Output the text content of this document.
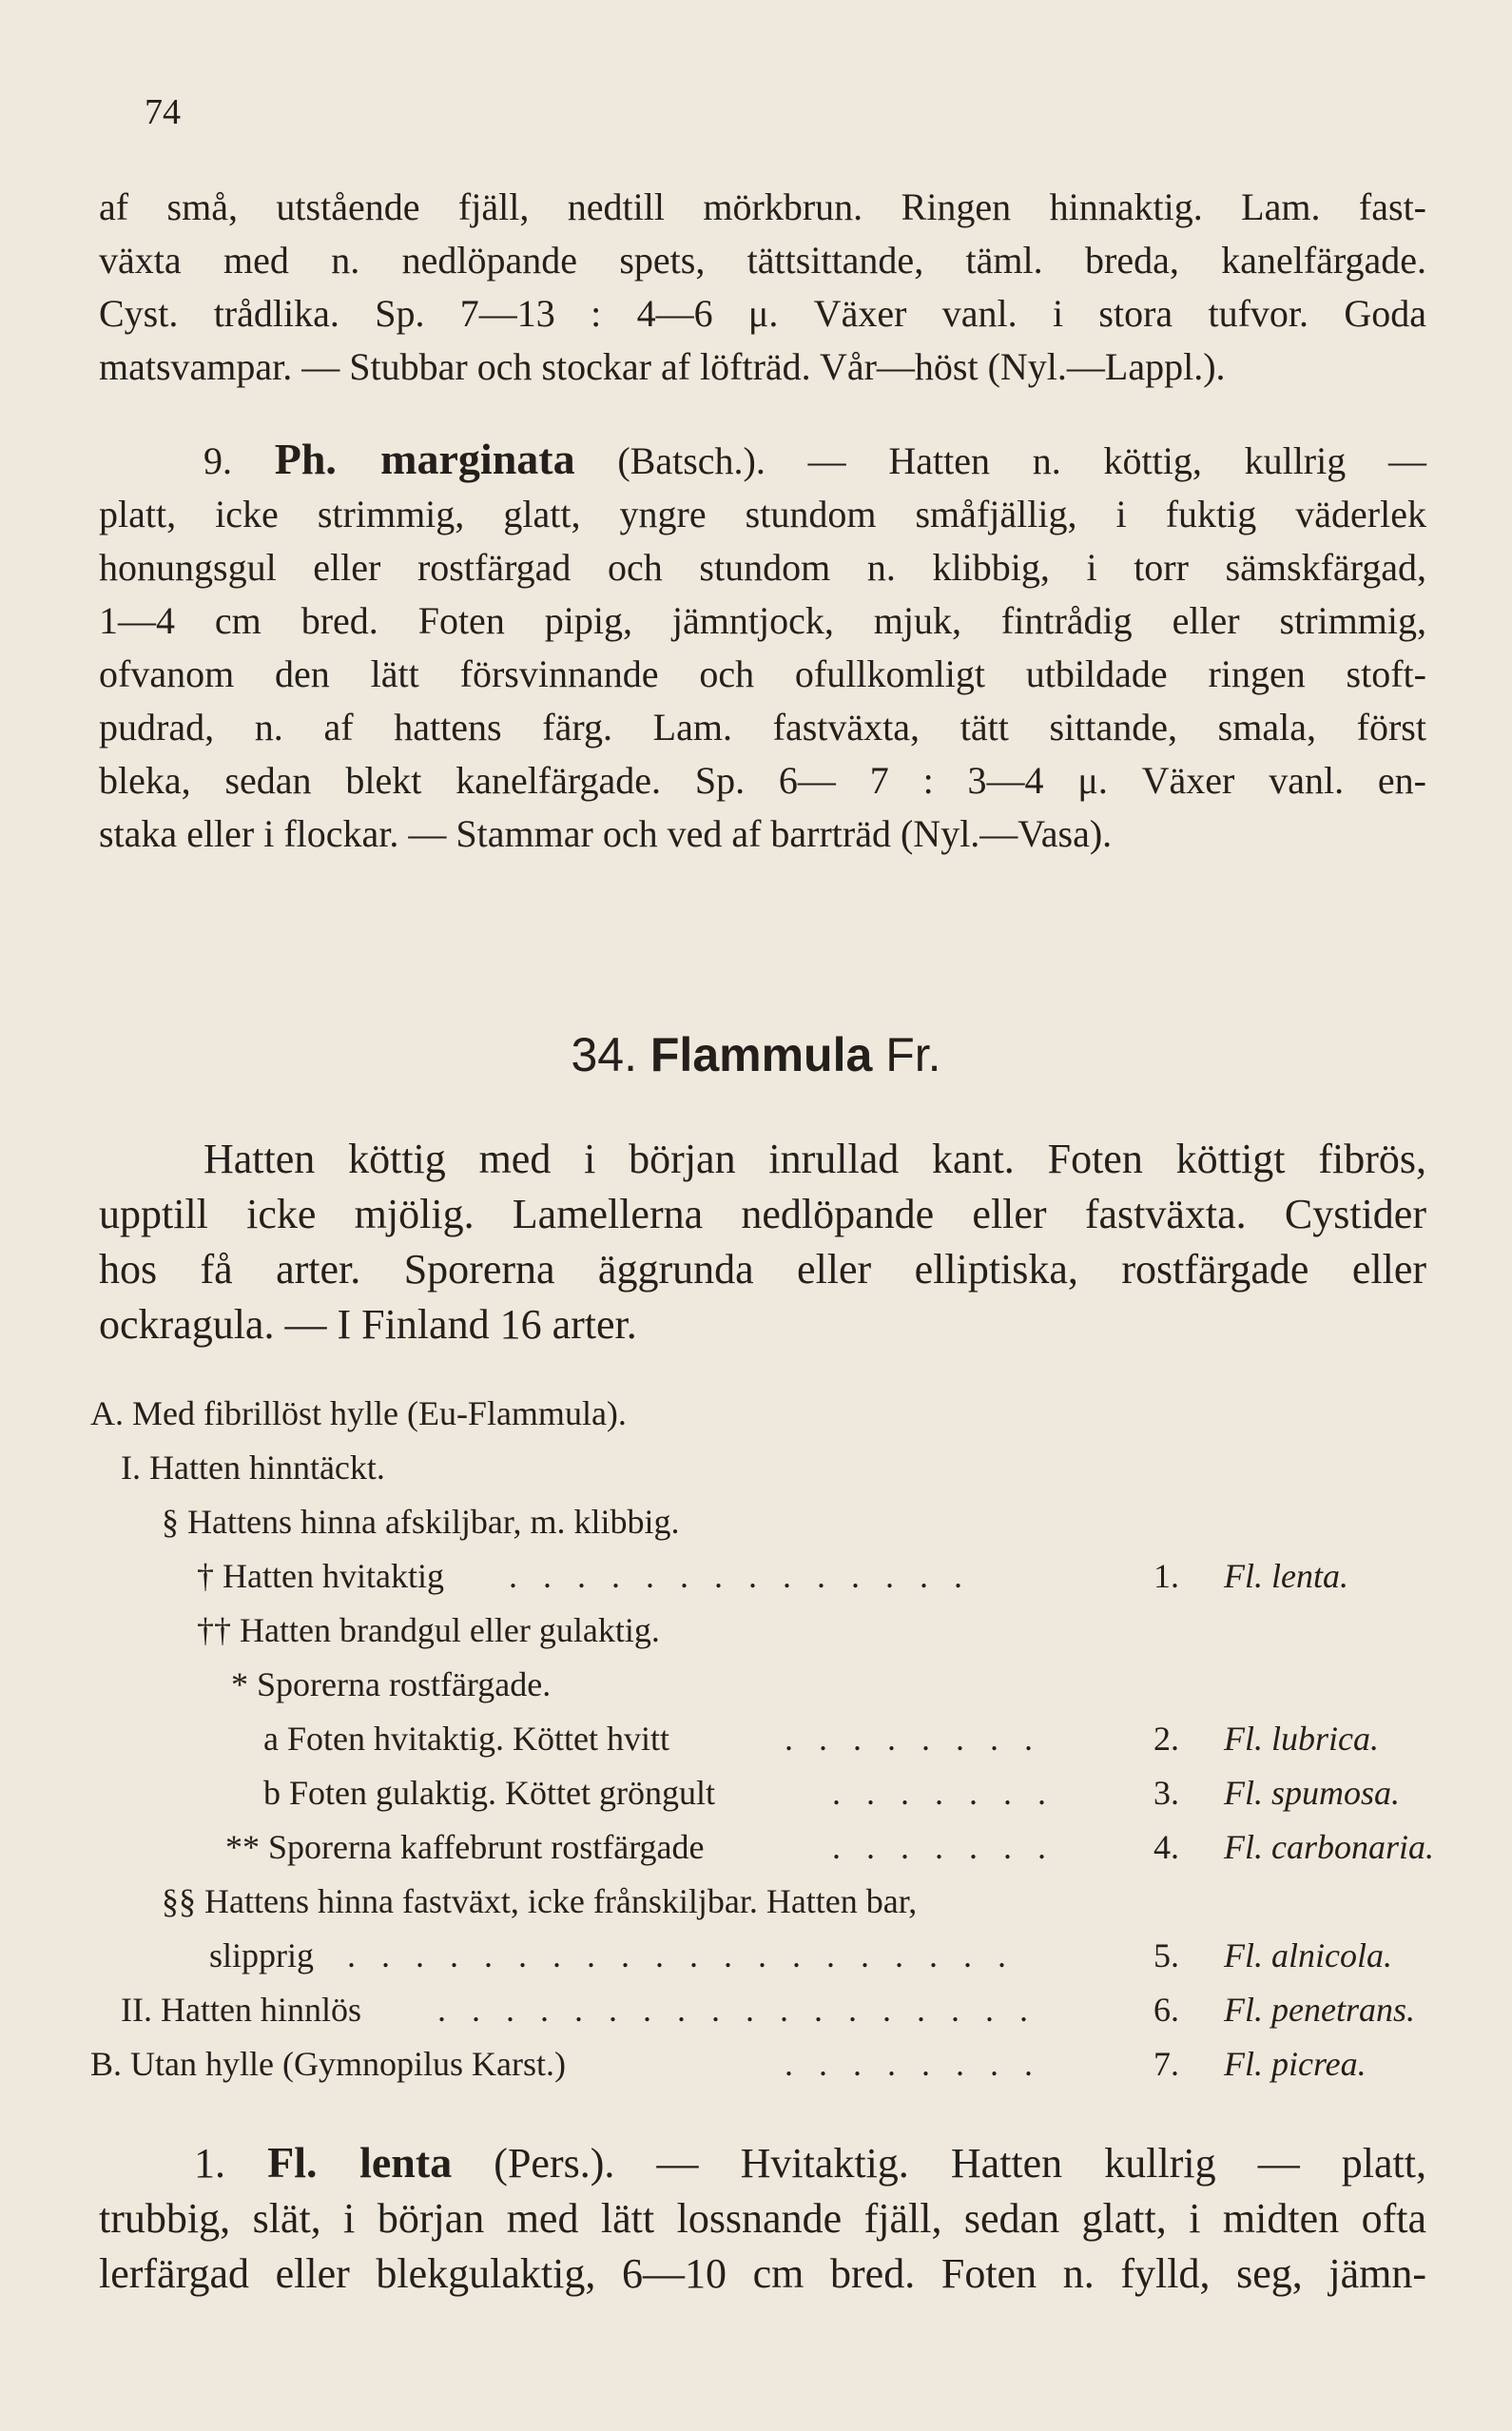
74
af små, utstående fjäll, nedtill mörkbrun. Ringen hinnaktig. Lam. fast-
växta med n. nedlöpande spets, tättsittande, täml. breda, kanelfärgade.
Cyst. trådlika. Sp. 7—13 : 4—6 μ. Växer vanl. i stora tufvor. Goda
matsvampar. — Stubbar och stockar af löfträd. Vår—höst (Nyl.—Lappl.).
9. Ph. marginata (Batsch.). — Hatten n. köttig, kullrig —
platt, icke strimmig, glatt, yngre stundom småfjällig, i fuktig väderlek
honungsgul eller rostfärgad och stundom n. klibbig, i torr sämskfärgad,
1—4 cm bred. Foten pipig, jämntjock, mjuk, fintrådig eller strimmig,
ofvanom den lätt försvinnande och ofullkomligt utbildade ringen stoft-
pudrad, n. af hattens färg. Lam. fastväxta, tätt sittande, smala, först
bleka, sedan blekt kanelfärgade. Sp. 6— 7 : 3—4 μ. Växer vanl. en-
staka eller i flockar. — Stammar och ved af barrträd (Nyl.—Vasa).
34. Flammula Fr.
Hatten köttig med i början inrullad kant. Foten köttigt fibrös,
upptill icke mjölig. Lamellerna nedlöpande eller fastväxta. Cystider
hos få arter. Sporerna äggrunda eller elliptiska, rostfärgade eller
ockragula. — I Finland 16 arter.
A. Med fibrillöst hylle (Eu-Flammula).
I. Hatten hinntäckt.
§ Hattens hinna afskiljbar, m. klibbig.
† Hatten hvitaktig . . . . . . . . . . . . . .	1. Fl. lenta.
†† Hatten brandgul eller gulaktig.
* Sporerna rostfärgade.
a Foten hvitaktig. Köttet hvitt	. . . . . . . .	2. Fl. lubrica.
b Foten gulaktig. Köttet gröngult	. . . . . . .	3. Fl. spumosa.
** Sporerna kaffebrunt rostfärgade	. . . . . . .	4. Fl. carbonaria.
§§ Hattens hinna fastväxt, icke frånskiljbar. Hatten bar,
slipprig . . . . . . . . . . . . . . . . . . . .	5. Fl. alnicola.
II. Hatten hinnlös . . . . . . . . . . . . . . . . . .	6. Fl. penetrans.
B. Utan hylle (Gymnopilus Karst.)	. . . . . . . .	7. Fl. picrea.
1. Fl. lenta (Pers.). — Hvitaktig. Hatten kullrig — platt,
trubbig, slät, i början med lätt lossnande fjäll, sedan glatt, i midten ofta
lerfärgad eller blekgulaktig, 6—10 cm bred. Foten n. fylld, seg, jämn-
